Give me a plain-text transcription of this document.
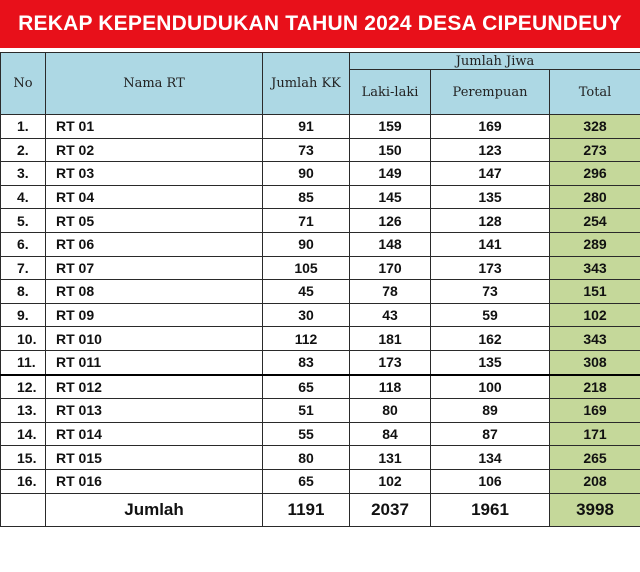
REKAP KEPENDUDUKAN TAHUN 2024 DESA CIPEUNDEUY
No	Nama RT	Jumlah KK	Jumlah Jiwa		
			Laki-laki	Perempuan	Total
1.	RT 01	91	159	169	328
2.	RT 02	73	150	123	273
3.	RT 03	90	149	147	296
4.	RT 04	85	145	135	280
5.	RT 05	71	126	128	254
6.	RT 06	90	148	141	289
7.	RT 07	105	170	173	343
8.	RT 08	45	78	73	151
9.	RT 09	30	43	59	102
10.	RT 010	112	181	162	343
11.	RT 011	83	173	135	308
12.	RT 012	65	118	100	218
13.	RT 013	51	80	89	169
14.	RT 014	55	84	87	171
15.	RT 015	80	131	134	265
16.	RT 016	65	102	106	208
	Jumlah	1191	2037	1961	3998
